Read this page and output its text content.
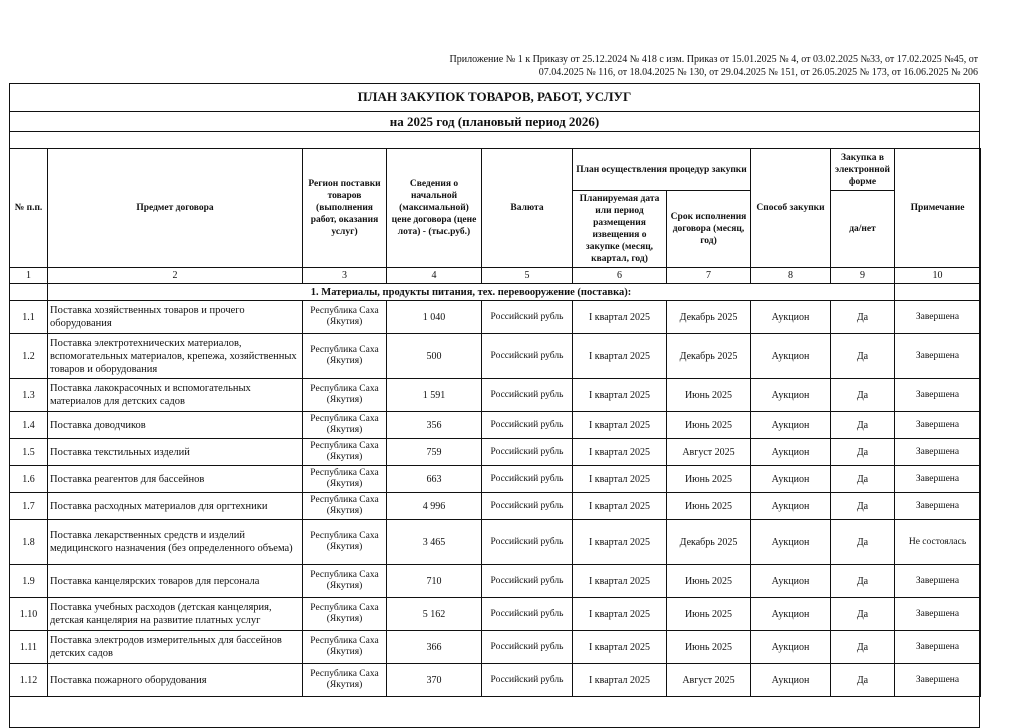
Приложение № 1 к Приказу от 25.12.2024 № 418 с изм. Приказ от 15.01.2025 № 4, от 03.02.2025 №33, от 17.02.2025 №45, от
07.04.2025 № 116, от 18.04.2025 № 130, от 29.04.2025 № 151, от 26.05.2025 № 173, от 16.06.2025 № 206
ПЛАН ЗАКУПОК ТОВАРОВ, РАБОТ, УСЛУГ
на 2025 год (плановый период 2026)
№ п.п.	Предмет договора	Регион поставки товаров (выполнения работ, оказания услуг)	Сведения о начальной (максимальной) цене договора (цене лота) - (тыс.руб.)	Валюта	План осуществления процедур закупки		Способ закупки	Закупка в электронной форме	Примечание
					Планируемая дата или период размещения извещения о закупке (месяц, квартал, год)	Срок исполнения договора (месяц, год)		да/нет	
1	2	3	4	5	6	7	8	9	10
	1. Материалы, продукты питания, тех. перевооружение (поставка):								
1.1	Поставка хозяйственных товаров и прочего оборудования	Республика Саха (Якутия)	1 040	Российский рубль	I квартал 2025	Декабрь 2025	Аукцион	Да	Завершена
1.2	Поставка электротехнических материалов, вспомогательных материалов, крепежа, хозяйственных товаров и оборудования	Республика Саха (Якутия)	500	Российский рубль	I квартал 2025	Декабрь 2025	Аукцион	Да	Завершена
1.3	Поставка лакокрасочных и вспомогательных материалов для детских садов	Республика Саха (Якутия)	1 591	Российский рубль	I квартал 2025	Июнь 2025	Аукцион	Да	Завершена
1.4	Поставка доводчиков	Республика Саха (Якутия)	356	Российский рубль	I квартал 2025	Июнь 2025	Аукцион	Да	Завершена
1.5	Поставка текстильных изделий	Республика Саха (Якутия)	759	Российский рубль	I квартал 2025	Август 2025	Аукцион	Да	Завершена
1.6	Поставка реагентов для бассейнов	Республика Саха (Якутия)	663	Российский рубль	I квартал 2025	Июнь 2025	Аукцион	Да	Завершена
1.7	Поставка расходных материалов для оргтехники	Республика Саха (Якутия)	4 996	Российский рубль	I квартал 2025	Июнь 2025	Аукцион	Да	Завершена
1.8	Поставка лекарственных средств и изделий медицинского назначения (без определенного объема)	Республика Саха (Якутия)	3 465	Российский рубль	I квартал 2025	Декабрь 2025	Аукцион	Да	Не состоялась
1.9	Поставка канцелярских товаров для персонала	Республика Саха (Якутия)	710	Российский рубль	I квартал 2025	Июнь 2025	Аукцион	Да	Завершена
1.10	Поставка учебных расходов (детская канцелярия, детская канцелярия на развитие платных услуг	Республика Саха (Якутия)	5 162	Российский рубль	I квартал 2025	Июнь 2025	Аукцион	Да	Завершена
1.11	Поставка электродов измерительных для бассейнов детских садов	Республика Саха (Якутия)	366	Российский рубль	I квартал 2025	Июнь 2025	Аукцион	Да	Завершена
1.12	Поставка пожарного оборудования	Республика Саха (Якутия)	370	Российский рубль	I квартал 2025	Август 2025	Аукцион	Да	Завершена
